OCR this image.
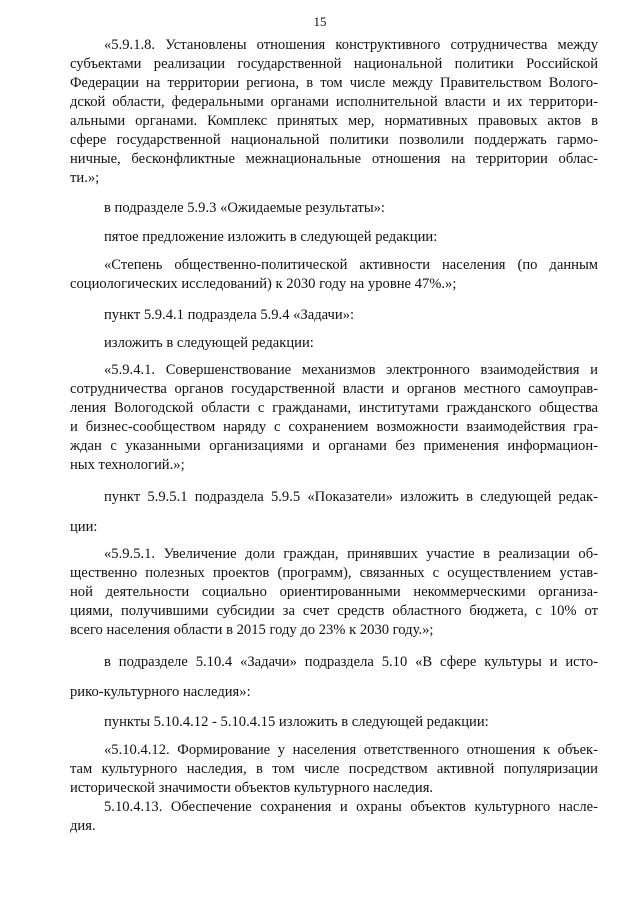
15
«5.9.1.8. Установлены отношения конструктивного сотрудничества между
субъектами реализации государственной национальной политики Российской
Федерации на территории региона, в том числе между Правительством Волого-
дской области, федеральными органами исполнительной власти и их территори-
альными органами. Комплекс принятых мер, нормативных правовых актов в
сфере государственной национальной политики позволили поддержать гармо-
ничные, бесконфликтные межнациональные отношения на территории облас-
ти.»;
в подразделе 5.9.3 «Ожидаемые результаты»:
пятое предложение изложить в следующей редакции:
«Степень общественно-политической активности населения (по данным
социологических исследований) к 2030 году на уровне 47%.»;
пункт 5.9.4.1 подраздела 5.9.4 «Задачи»:
изложить в следующей редакции:
«5.9.4.1. Совершенствование механизмов электронного взаимодействия и
сотрудничества органов государственной власти и органов местного самоуправ-
ления Вологодской области с гражданами, институтами гражданского общества
и бизнес-сообществом наряду с сохранением возможности взаимодействия гра-
ждан с указанными организациями и органами без применения информацион-
ных технологий.»;
пункт 5.9.5.1 подраздела 5.9.5 «Показатели» изложить в следующей редак-
ции:
«5.9.5.1. Увеличение доли граждан, принявших участие в реализации об-
щественно полезных проектов (программ), связанных с осуществлением устав-
ной деятельности социально ориентированными некоммерческими организа-
циями, получившими субсидии за счет средств областного бюджета, с 10% от
всего населения области в 2015 году до 23% к 2030 году.»;
в подразделе 5.10.4 «Задачи» подраздела 5.10 «В сфере культуры и исто-
рико-культурного наследия»:
пункты 5.10.4.12 - 5.10.4.15 изложить в следующей редакции:
«5.10.4.12. Формирование у населения ответственного отношения к объек-
там культурного наследия, в том числе посредством активной популяризации
исторической значимости объектов культурного наследия.
5.10.4.13. Обеспечение сохранения и охраны объектов культурного насле-
дия.
